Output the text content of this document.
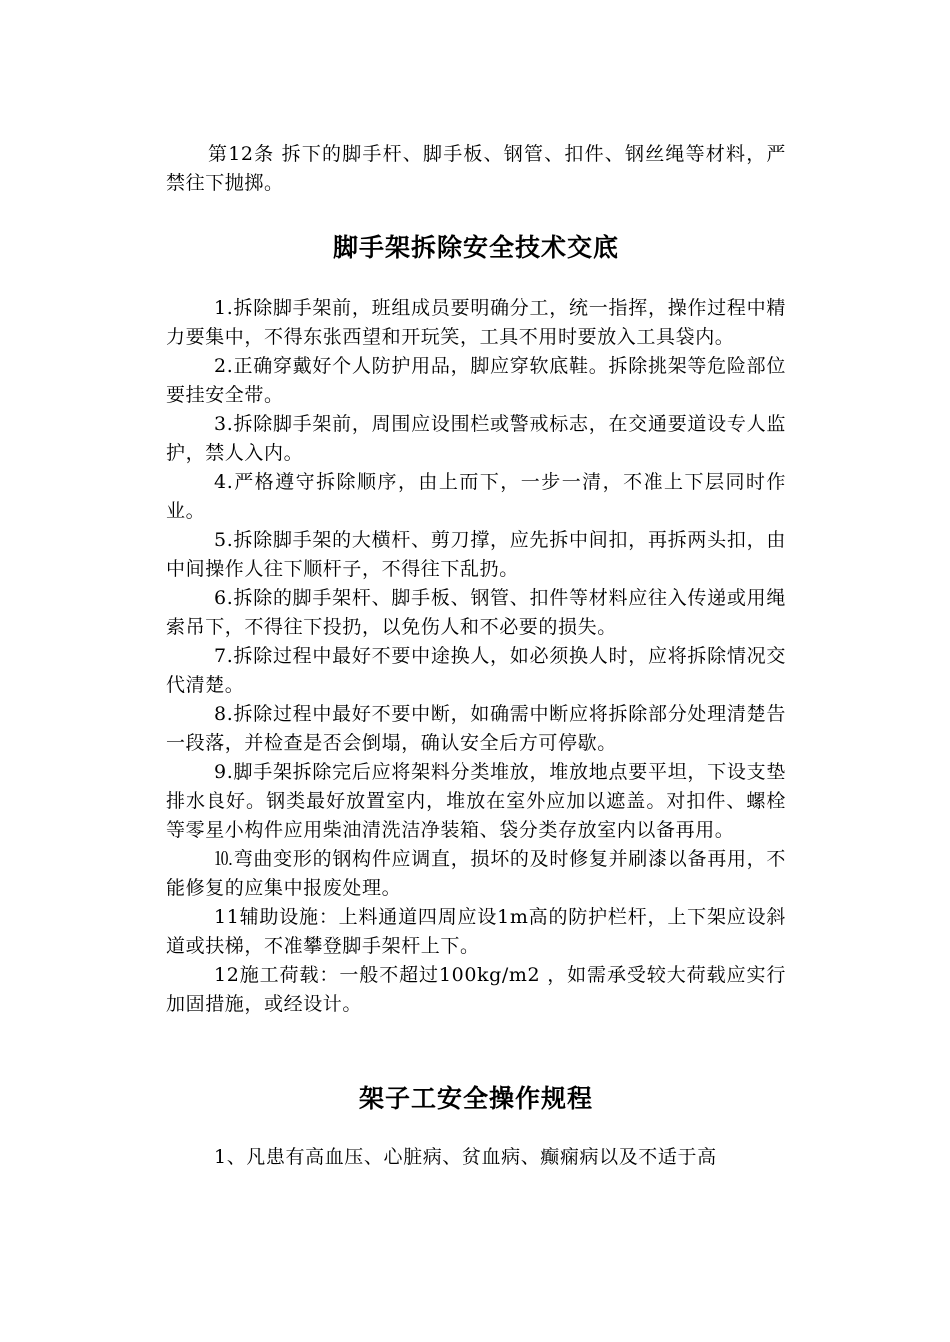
第12条 拆下的脚手杆、脚手板、钢管、扣件、钢丝绳等材料，严禁往下抛掷。

脚手架拆除安全技术交底

1.拆除脚手架前，班组成员要明确分工，统一指挥，操作过程中精力要集中，不得东张西望和开玩笑，工具不用时要放入工具袋内。

2.正确穿戴好个人防护用品，脚应穿软底鞋。拆除挑架等危险部位要挂安全带。

3.拆除脚手架前，周围应设围栏或警戒标志，在交通要道设专人监护，禁人入内。

4.严格遵守拆除顺序，由上而下，一步一清，不准上下层同时作业。

5.拆除脚手架的大横杆、剪刀撑，应先拆中间扣，再拆两头扣，由中间操作人往下顺杆子，不得往下乱扔。

6.拆除的脚手架杆、脚手板、钢管、扣件等材料应往入传递或用绳索吊下，不得往下投扔，以免伤人和不必要的损失。

7.拆除过程中最好不要中途换人，如必须换人时，应将拆除情况交代清楚。

8.拆除过程中最好不要中断，如确需中断应将拆除部分处理清楚告一段落，并检查是否会倒塌，确认安全后方可停歇。

9.脚手架拆除完后应将架料分类堆放，堆放地点要平坦，下设支垫排水良好。钢类最好放置室内，堆放在室外应加以遮盖。对扣件、螺栓等零星小构件应用柴油清洗洁净装箱、袋分类存放室内以备再用。

⒑弯曲变形的钢构件应调直，损坏的及时修复并刷漆以备再用，不能修复的应集中报废处理。

11辅助设施：上料通道四周应设1m高的防护栏杆，上下架应设斜道或扶梯，不准攀登脚手架杆上下。

12施工荷载：一般不超过100kg/m2 ，如需承受较大荷载应实行加固措施，或经设计。

架子工安全操作规程

1、凡患有高血压、心脏病、贫血病、癫痫病以及不适于高
